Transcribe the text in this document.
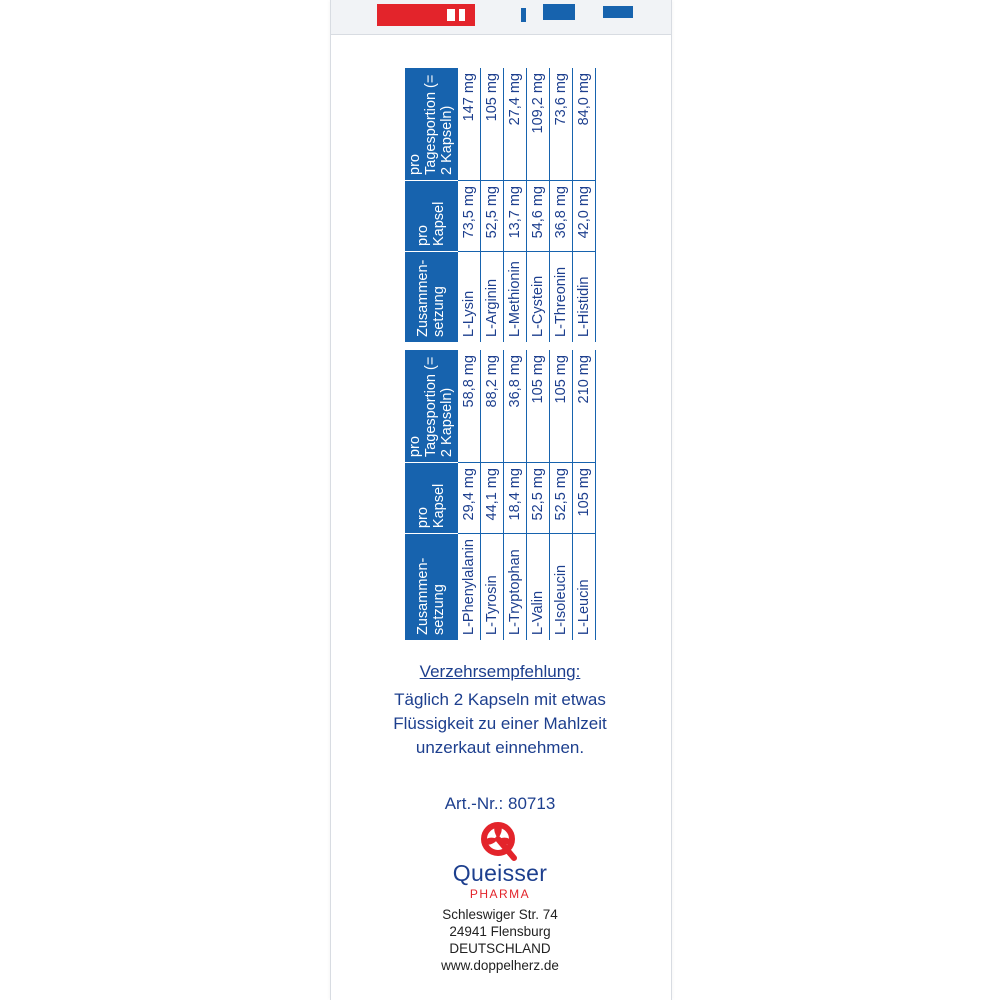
Zusammen-setzung	pro Kapsel	pro Tagesportion (= 2 Kapseln)
L-Phenylalanin	29,4 mg	58,8 mg
L-Tyrosin	44,1 mg	88,2 mg
L-Tryptophan	18,4 mg	36,8 mg
L-Valin	52,5 mg	105 mg
L-Isoleucin	52,5 mg	105 mg
L-Leucin	105 mg	210 mg
Zusammen-setzung	pro Kapsel	pro Tagesportion (= 2 Kapseln)
L-Lysin	73,5 mg	147 mg
L-Arginin	52,5 mg	105 mg
L-Methionin	13,7 mg	27,4 mg
L-Cystein	54,6 mg	109,2 mg
L-Threonin	36,8 mg	73,6 mg
L-Histidin	42,0 mg	84,0 mg
Verzehrsempfehlung:
Täglich 2 Kapseln mit etwas
Flüssigkeit zu einer Mahlzeit
unzerkaut einnehmen.
Art.-Nr.: 80713
Queisser
PHARMA
Schleswiger Str. 74
24941 Flensburg
DEUTSCHLAND
www.doppelherz.de
